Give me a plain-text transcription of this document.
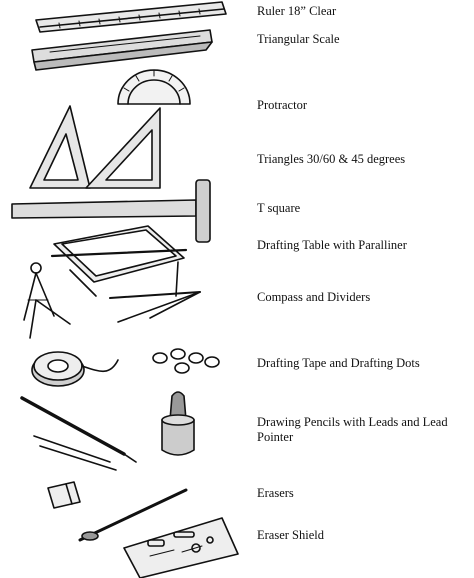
Ruler 18” Clear
Triangular Scale
Protractor
Triangles 30/60 & 45 degrees
T square
Drafting Table with Paralliner
Compass and Dividers
Drafting Tape and Drafting Dots
Drawing Pencils with Leads and Lead Pointer
Erasers
Eraser Shield
